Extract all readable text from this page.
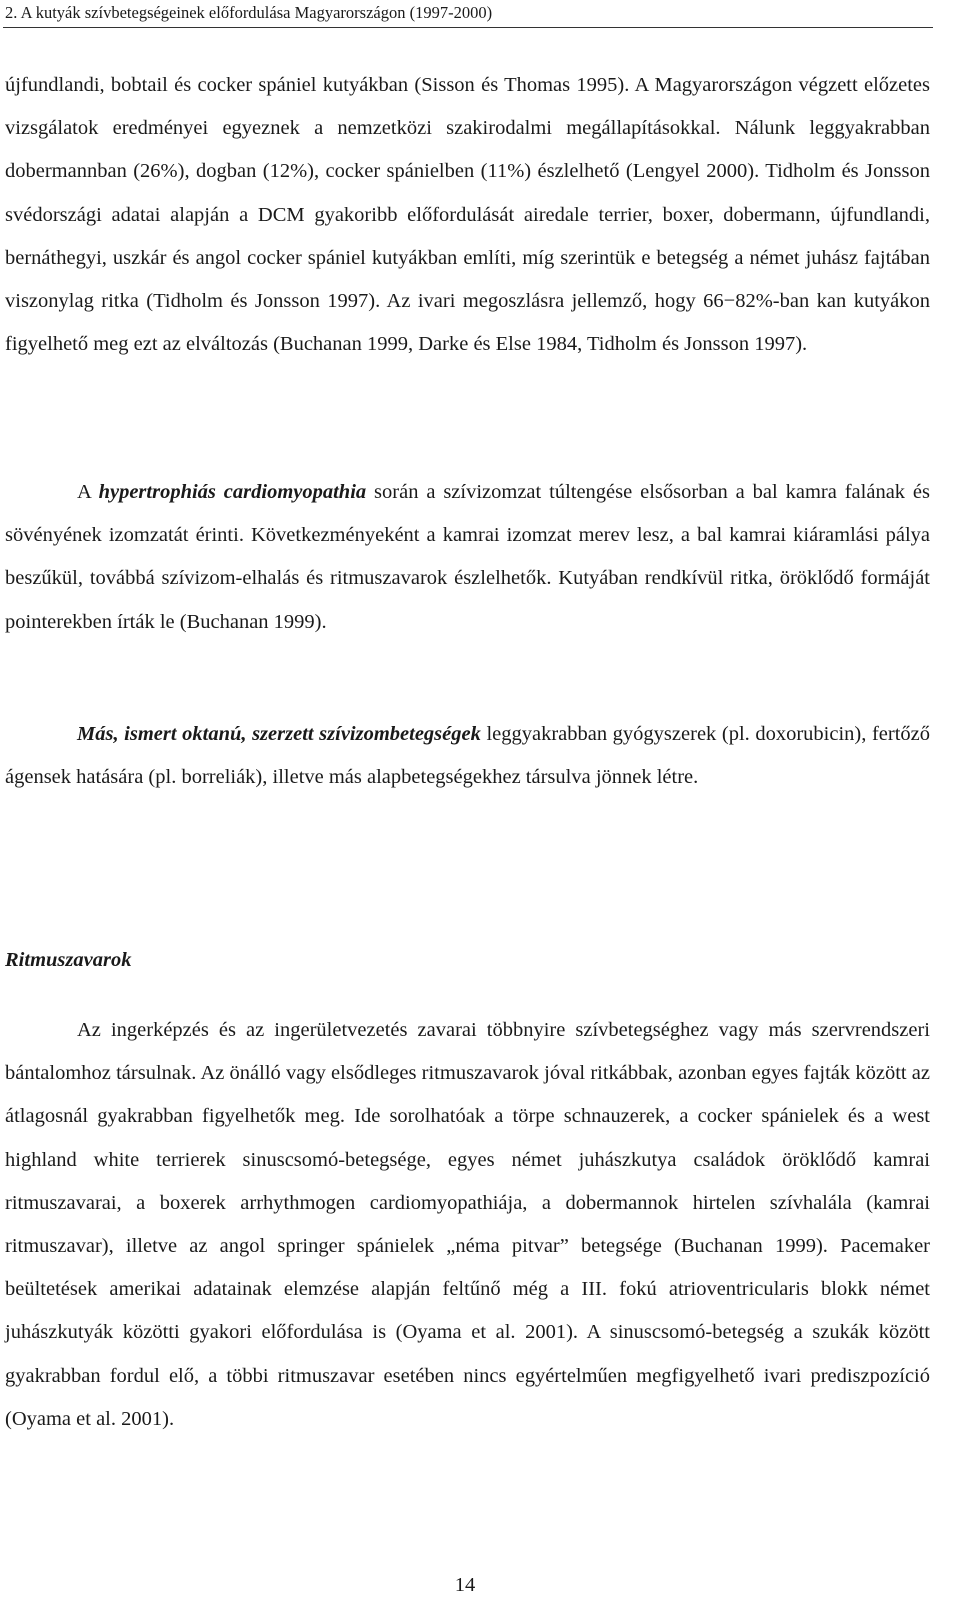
2. A kutyák szívbetegségeinek előfordulása Magyarországon (1997-2000)

újfundlandi, bobtail és cocker spániel kutyákban (Sisson és Thomas 1995). A Magyarországon végzett előzetes vizsgálatok eredményei egyeznek a nemzetközi szakirodalmi megállapításokkal. Nálunk leggyakrabban dobermannban (26%), dogban (12%), cocker spánielben (11%) észlelhető (Lengyel 2000). Tidholm és Jonsson svédországi adatai alapján a DCM gyakoribb előfordulását airedale terrier, boxer, dobermann, újfundlandi, bernáthegyi, uszkár és angol cocker spániel kutyákban említi, míg szerintük e betegség a német juhász fajtában viszonylag ritka (Tidholm és Jonsson 1997). Az ivari megoszlásra jellemző, hogy 66−82%-ban kan kutyákon figyelhető meg ezt az elváltozás (Buchanan 1999, Darke és Else 1984, Tidholm és Jonsson 1997).

A hypertrophiás cardiomyopathia során a szívizomzat túltengése elsősorban a bal kamra falának és sövényének izomzatát érinti. Következményeként a kamrai izomzat merev lesz, a bal kamrai kiáramlási pálya beszűkül, továbbá szívizom-elhalás és ritmuszavarok észlelhetők. Kutyában rendkívül ritka, öröklődő formáját pointerekben írták le (Buchanan 1999).

Más, ismert oktanú, szerzett szívizombetegségek leggyakrabban gyógyszerek (pl. doxorubicin), fertőző ágensek hatására (pl. borreliák), illetve más alapbetegségekhez társulva jönnek létre.

Ritmuszavarok

Az ingerképzés és az ingerületvezetés zavarai többnyire szívbetegséghez vagy más szervrendszeri bántalomhoz társulnak. Az önálló vagy elsődleges ritmuszavarok jóval ritkábbak, azonban egyes fajták között az átlagosnál gyakrabban figyelhetők meg. Ide sorolhatóak a törpe schnauzerek, a cocker spánielek és a west highland white terrierek sinuscsomó-betegsége, egyes német juhászkutya családok öröklődő kamrai ritmuszavarai, a boxerek arrhythmogen cardiomyopathiája, a dobermannok hirtelen szívhalála (kamrai ritmuszavar), illetve az angol springer spánielek „néma pitvar” betegsége (Buchanan 1999). Pacemaker beültetések amerikai adatainak elemzése alapján feltűnő még a III. fokú atrioventricularis blokk német juhászkutyák közötti gyakori előfordulása is (Oyama et al. 2001). A sinuscsomó-betegség a szukák között gyakrabban fordul elő, a többi ritmuszavar esetében nincs egyértelműen megfigyelhető ivari prediszpozíció (Oyama et al. 2001).

14
